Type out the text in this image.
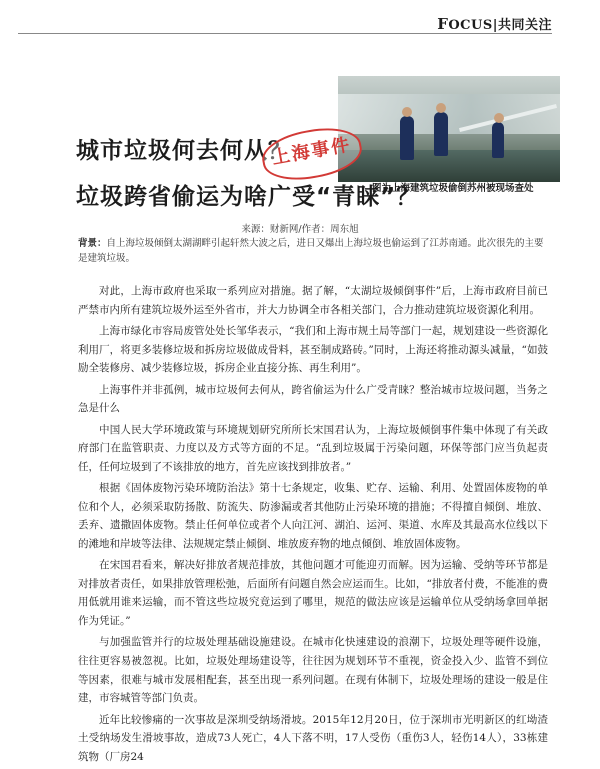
FOCUS|共同关注
图为上海建筑垃圾偷倒苏州被现场查处
城市垃圾何去何从？
垃圾跨省偷运为啥广受“青睐”？
上海事件
来源：财新网/作者：周东旭
背景：自上海垃圾倾倒太湖湖畔引起轩然大波之后，进日又爆出上海垃圾也偷运到了江苏南通。此次很先的主要是建筑垃圾。

对此，上海市政府也采取一系列应对措施。据了解，“太湖垃圾倾倒事件”后，上海市政府目前已严禁市内所有建筑垃圾外运至外省市，并大力协调全市各相关部门，合力推动建筑垃圾资源化利用。

上海市绿化市容局废管处处长邹华表示，“我们和上海市规土局等部门一起，规划建设一些资源化利用厂，将更多装修垃圾和拆房垃圾做成骨料，甚至制成路砖。”同时，上海还将推动源头减量，“如鼓励全装修房、减少装修垃圾，拆房企业直接分拣、再生利用”。

上海事件并非孤例，城市垃圾何去何从，跨省偷运为什么广受青睐？整治城市垃圾问题，当务之急是什么

中国人民大学环境政策与环境规划研究所所长宋国君认为，上海垃圾倾倒事件集中体现了有关政府部门在监管职责、力度以及方式等方面的不足。“乱到垃圾属于污染问题，环保等部门应当负起责任，任何垃圾到了不该排放的地方，首先应该找到排放者。”

根据《固体废物污染环境防治法》第十七条规定，收集、贮存、运输、利用、处置固体废物的单位和个人，必须采取防扬散、防流失、防渗漏或者其他防止污染环境的措施；不得擅自倾倒、堆放、丢弃、遗撒固体废物。禁止任何单位或者个人向江河、湖泊、运河、渠道、水库及其最高水位线以下的滩地和岸坡等法律、法规规定禁止倾倒、堆放废弃物的地点倾倒、堆放固体废物。

在宋国君看来，解决好排放者规范排放，其他问题才可能迎刃而解。因为运输、受纳等环节都是对排放者责任，如果排放管理松弛，后面所有问题自然会应运而生。比如，“排放者付费，不能准的费用低就用谁来运输，而不管这些垃圾究竟运到了哪里，规范的做法应该是运输单位从受纳场拿回单据作为凭证。”

与加强监管并行的垃圾处理基础设施建设。在城市化快速建设的浪潮下，垃圾处理等硬件设施，往往更容易被忽视。比如，垃圾处理场建设等，往往因为规划环节不重视，资金投入少、监管不到位等因素，很难与城市发展相配套，甚至出现一系列问题。在现有体制下，垃圾处理场的建设一般是住建，市容城管等部门负责。

近年比较惨痛的一次事故是深圳受纳场滑坡。2015年12月20日，位于深圳市光明新区的红坳渣土受纳场发生滑坡事故，造成73人死亡，4人下落不明，17人受伤（重伤3人，轻伤14人），33栋建筑物（厂房24
